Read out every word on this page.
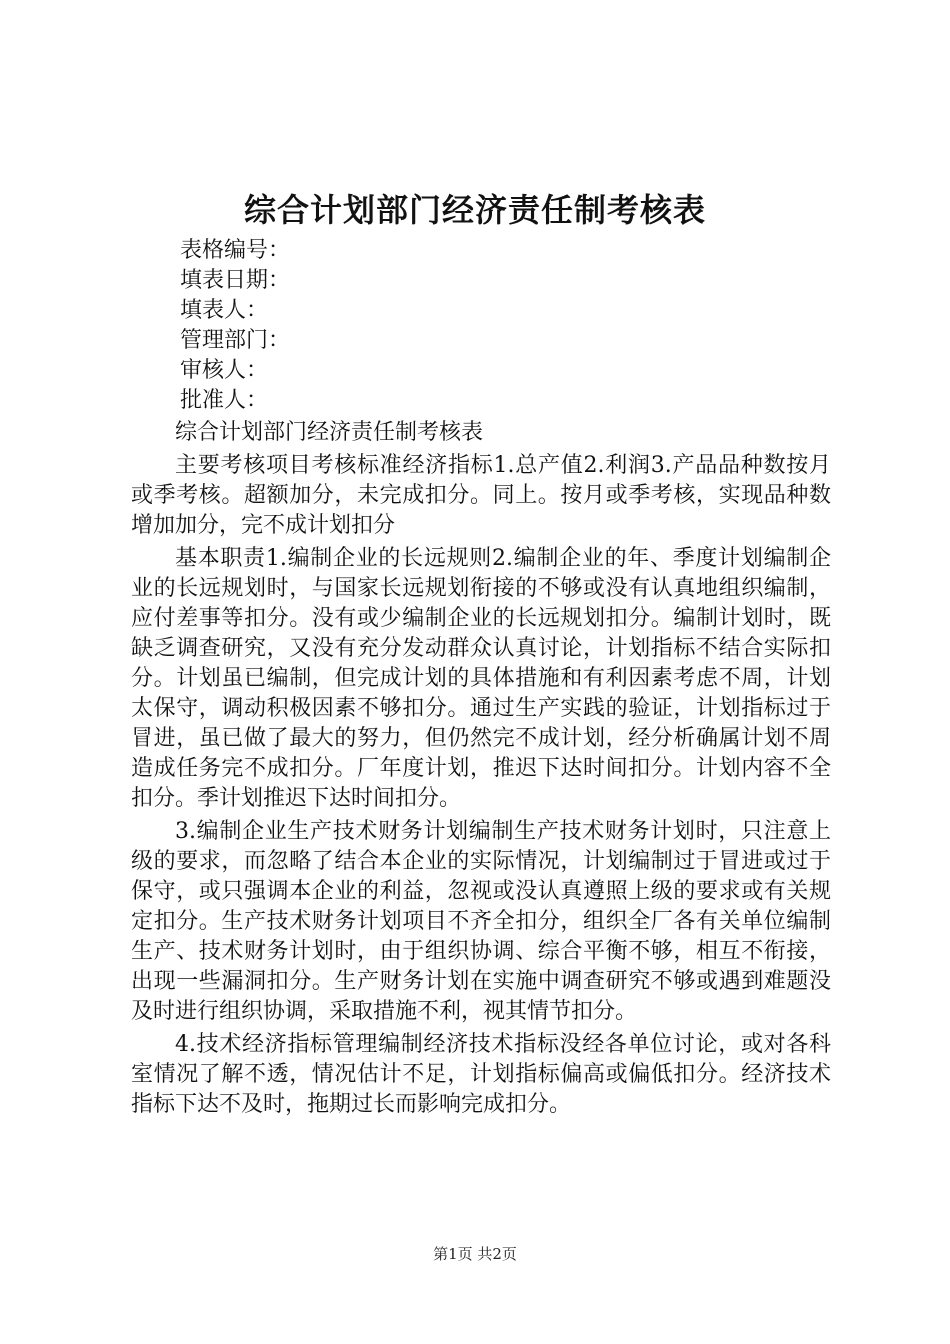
综合计划部门经济责任制考核表
表格编号：
填表日期：
填表人：
管理部门：
审核人：
批准人：

综合计划部门经济责任制考核表

主要考核项目考核标准经济指标1.总产值2.利润3.产品品种数按月或季考核。超额加分，未完成扣分。同上。按月或季考核，实现品种数增加加分，完不成计划扣分

基本职责1.编制企业的长远规则2.编制企业的年、季度计划编制企业的长远规划时，与国家长远规划衔接的不够或没有认真地组织编制，应付差事等扣分。没有或少编制企业的长远规划扣分。编制计划时，既缺乏调查研究，又没有充分发动群众认真讨论，计划指标不结合实际扣分。计划虽已编制，但完成计划的具体措施和有利因素考虑不周，计划太保守，调动积极因素不够扣分。通过生产实践的验证，计划指标过于冒进，虽已做了最大的努力，但仍然完不成计划，经分析确属计划不周造成任务完不成扣分。厂年度计划，推迟下达时间扣分。计划内容不全扣分。季计划推迟下达时间扣分。

3.编制企业生产技术财务计划编制生产技术财务计划时，只注意上级的要求，而忽略了结合本企业的实际情况，计划编制过于冒进或过于保守，或只强调本企业的利益，忽视或没认真遵照上级的要求或有关规定扣分。生产技术财务计划项目不齐全扣分，组织全厂各有关单位编制生产、技术财务计划时，由于组织协调、综合平衡不够，相互不衔接，出现一些漏洞扣分。生产财务计划在实施中调查研究不够或遇到难题没及时进行组织协调，采取措施不利，视其情节扣分。

4.技术经济指标管理编制经济技术指标没经各单位讨论，或对各科室情况了解不透，情况估计不足，计划指标偏高或偏低扣分。经济技术指标下达不及时，拖期过长而影响完成扣分。

第1页 共2页
